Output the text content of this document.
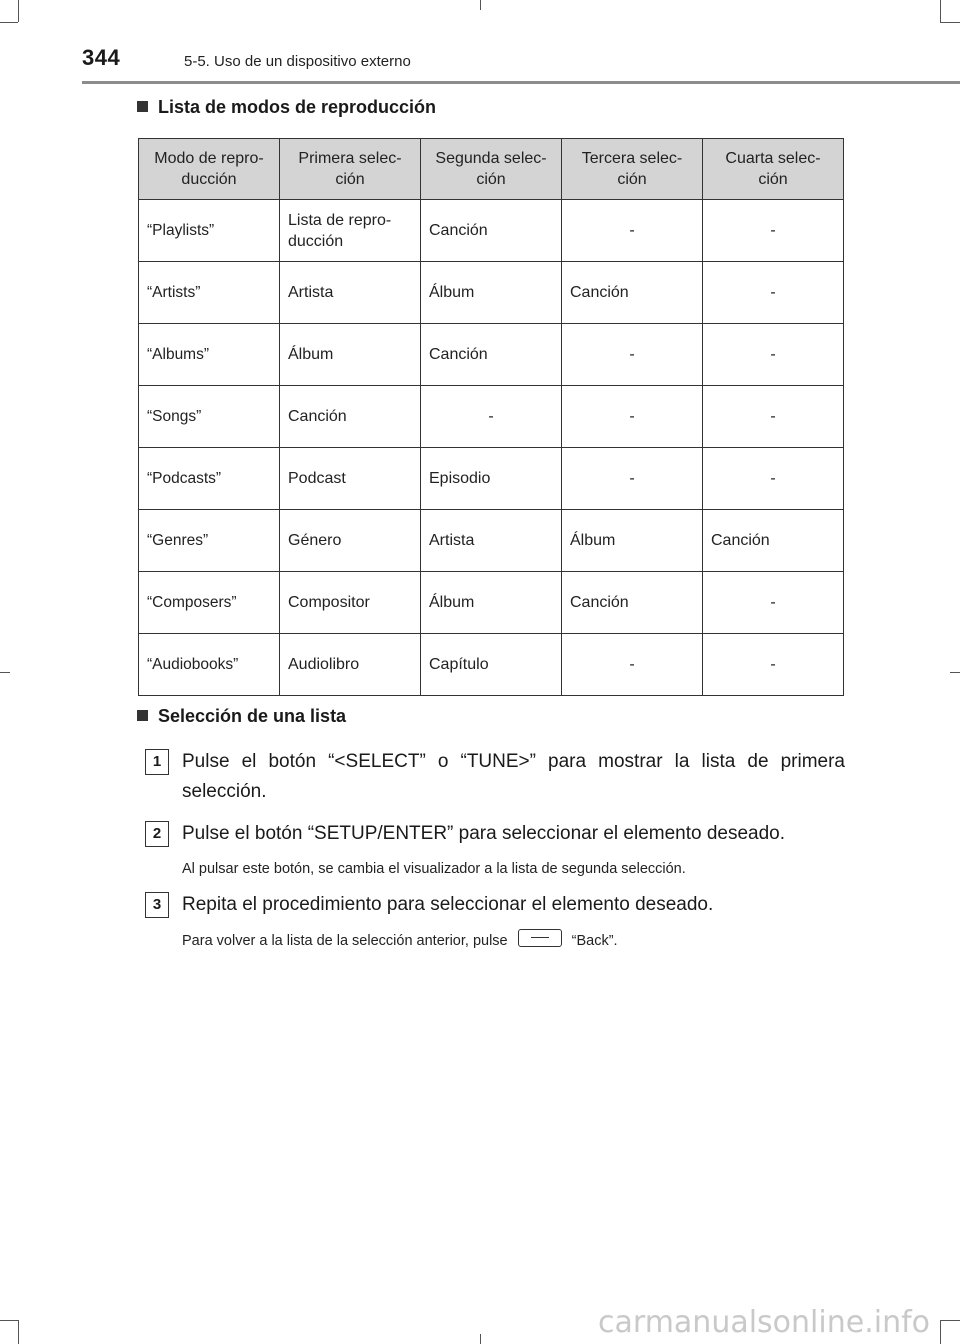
344	5-5. Uso de un dispositivo externo
Lista de modos de reproducción
Modo de repro-
ducción	Primera selec-
ción	Segunda selec-
ción	Tercera selec-
ción	Cuarta selec-
ción
“Playlists”	Lista de repro-
ducción	Canción	-	-
“Artists”	Artista	Álbum	Canción	-
“Albums”	Álbum	Canción	-	-
“Songs”	Canción	-	-	-
“Podcasts”	Podcast	Episodio	-	-
“Genres”	Género	Artista	Álbum	Canción
“Composers”	Compositor	Álbum	Canción	-
“Audiobooks”	Audiolibro	Capítulo	-	-
Selección de una lista
1	Pulse el botón “<SELECT” o “TUNE>” para mostrar la lista de primera selección.
2	Pulse el botón “SETUP/ENTER” para seleccionar el elemento deseado.
Al pulsar este botón, se cambia el visualizador a la lista de segunda selección.
3	Repita el procedimiento para seleccionar el elemento deseado.
Para volver a la lista de la selección anterior, pulse	“Back”.
carmanualsonline.info
